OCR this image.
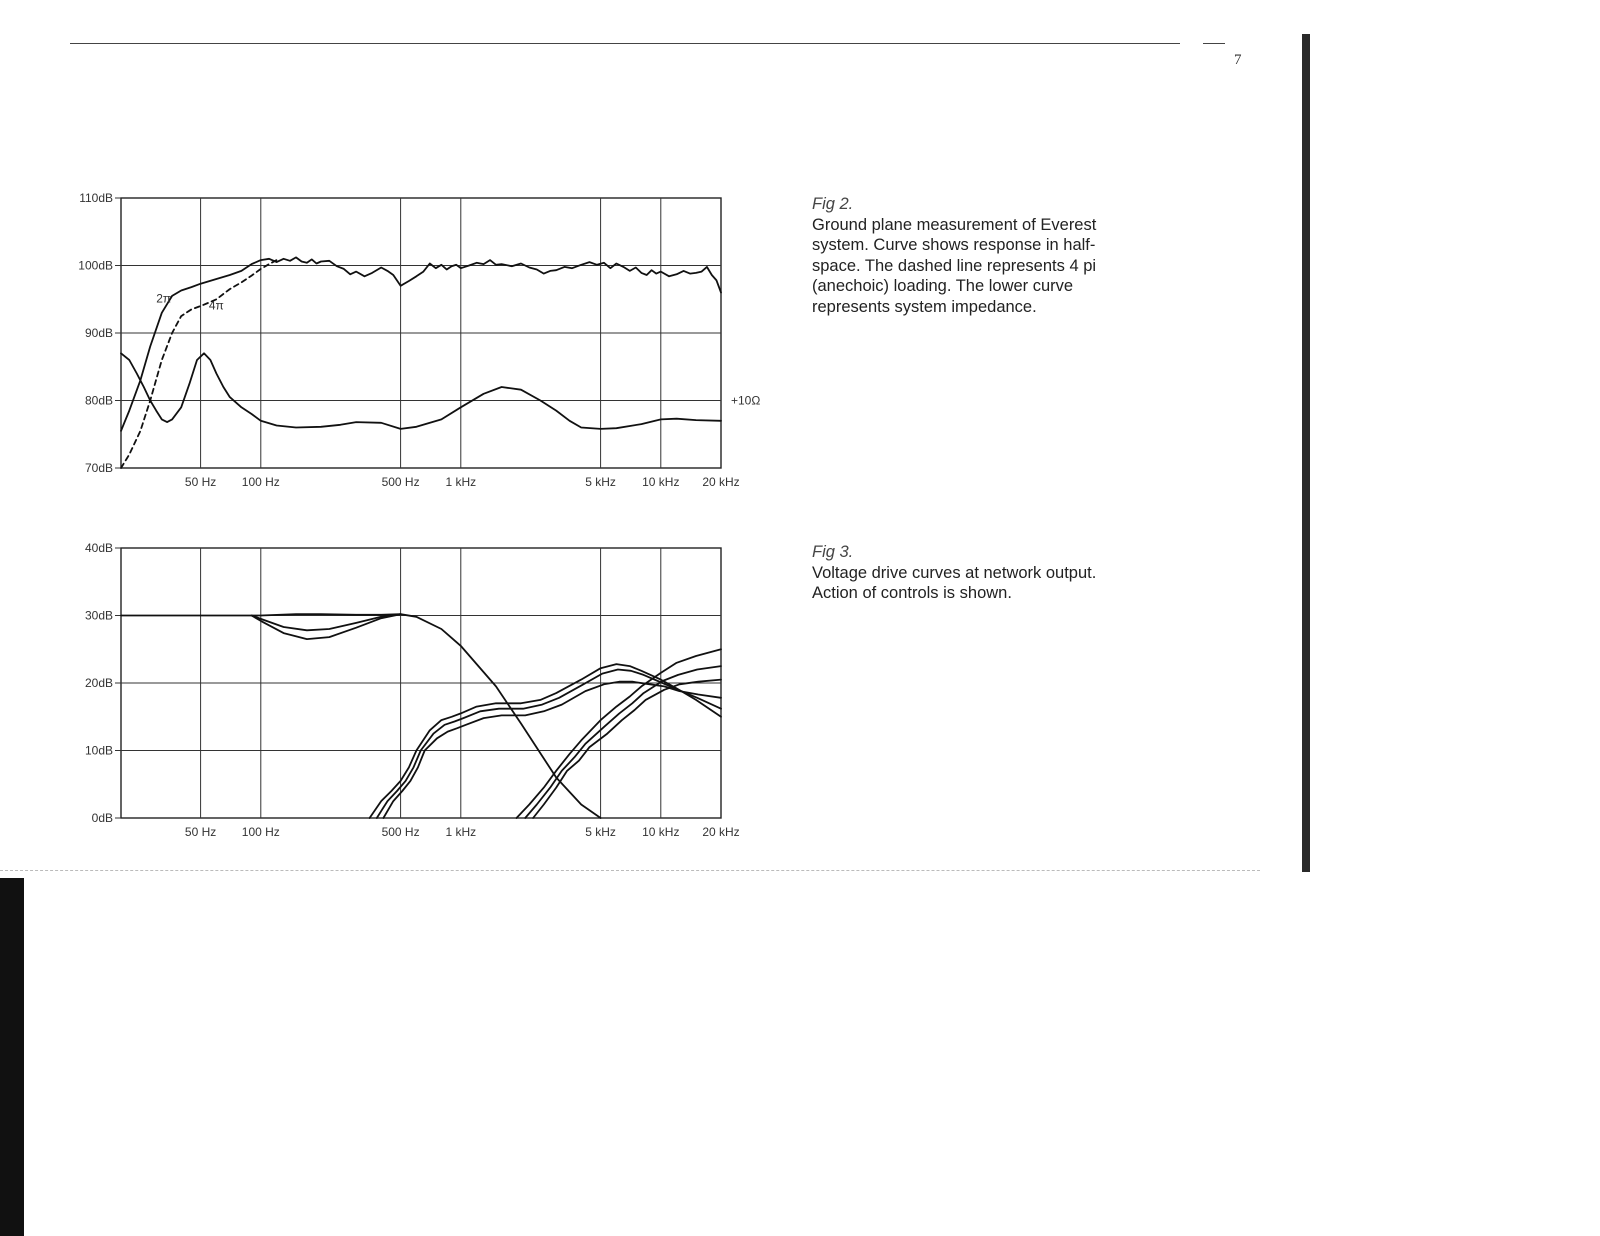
7
110dB
100dB
90dB
80dB
70dB
50 Hz 100 Hz	500 Hz 1 kHz	5 kHz 10 kHz 20 kHz
2π	4π
+10Ω
Fig 2.
Ground plane measurement of Everest system. Curve shows response in half-space. The dashed line represents 4 pi (anechoic) loading. The lower curve represents system impedance.
40dB
30dB
20dB
10dB
0dB
50 Hz 100 Hz	500 Hz 1 kHz	5 kHz 10 kHz 20 kHz
Fig 3.
Voltage drive curves at network output. Action of controls is shown.
